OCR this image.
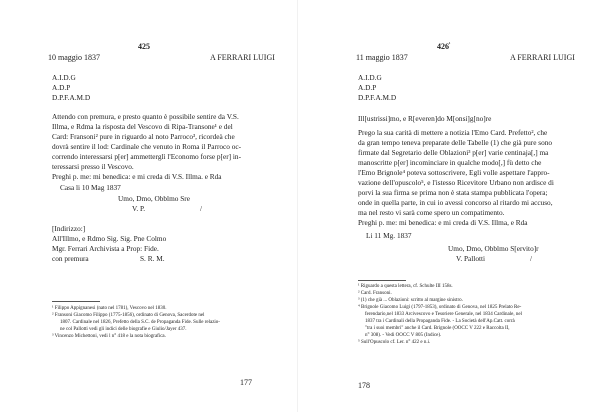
425
10 maggio 1837	A FERRARI LUIGI
A.I.D.G
A.D.P
D.P.F.A.M.D
Attendo con premura, e presto quanto è possibile sentire da V.S.
Illma, e Rdma la risposta del Vescovo di Ripa-Transone¹ e del
Card: Fransoni² pure in riguardo al noto Parroco³, ricordeà che
dovrà sentire il lod: Cardinale che venuto in Roma il Parroco oc-
correndo interessarsi p[er] ammetterglì l'Economo forse p[er] in-
teressarsi presso il Vescovo.
Preghi p. me: mi benedica: e mi creda di V.S. Illma. e Rda
Casa li 10 Mag 1837
Umo, Dmo, Obblmo Sre
V. P.	/
[Indirizzo:]
All'Illmo, e Rdmo Sig. Sig. Pne Colmo
Mgr. Ferrari Archivista a Prop: Fide.
con premura	S. R. M.
¹ Filippo Appignanesi (nato nel 1781), Vescovo nel 1830.
² Fransoni Giacomo Filippo (1775-1856), ordinato di Genova, Sacerdote nel
1807. Cardinale nel 1826, Prefetto della S.C. de Propaganda Fide. Sulle relazio-
ne col Pallotti vedi gli indici delle biografie e Giulio/Jayer 437.
³ Vincenzo Michettoni, vedi l n° 418 e la nota biografica.
177
$426^{^1}$
11 maggio 1837	A FERRARI LUIGI
A.I.D.G
A.D.P
D.P.F.A.M.D
Ill[ustrissi]mo, e R[everen]do M[onsi]g[no]re
Prego la sua carità di mettere a notizia l'Emo Card. Prefetto², che
da gran tempo teneva preparate delle Tabelle (1) che già pure sono
firmate dal Segretario delle Oblazioni³ p[er] varie centinaja[,] ma
manoscritte p[er] incominciare in qualche modo[,] fù detto che
l'Emo Brignole⁴ poteva sottoscrivere, Egli volle aspettare l'appro-
vazione dell'opuscolo⁵, e l'istesso Ricevitore Urbano non ardisce di
porvi la sua firma se prima non è stata stampa pubblicata l'opera;
onde in quella parte, in cui io avessi concorso al ritardo mi accuso,
ma nel resto vi sarà come spero un compatimento.
Preghi p. me: mi benedica: e mi creda di V.S. Illma, e Rda
Li 11 Mg. 1837
Umo, Dmo, Obblmo S[ervito]r
V. Pallotti	/
¹ Riguardo a questa lettera, cf. Schulte III 158s.
² Card. Fransoni.
³ (1) che già ... Oblazioni: scritto al margine sinistro.
⁴ Brignole Giacomo Luigi (1797-1853), ordinato di Genova, nel 1825 Prelato Re-
ferendario,nel 1833 Arcivescovo e Tesoriere Generale, nel 1834 Cardinale, nel
1837 tra i Cardinali della Propaganda Fide. - La Società dell'Ap.Catt. corrà
"tra i suoi membri" anche il Card. Brignole (OOCC V 222 e Raccolta II,
n° 308). - Vedi OOCC V 805 (Indice).
⁵ Sull'Opuscolo cf. Ler. n° 422 e n.i.
178
